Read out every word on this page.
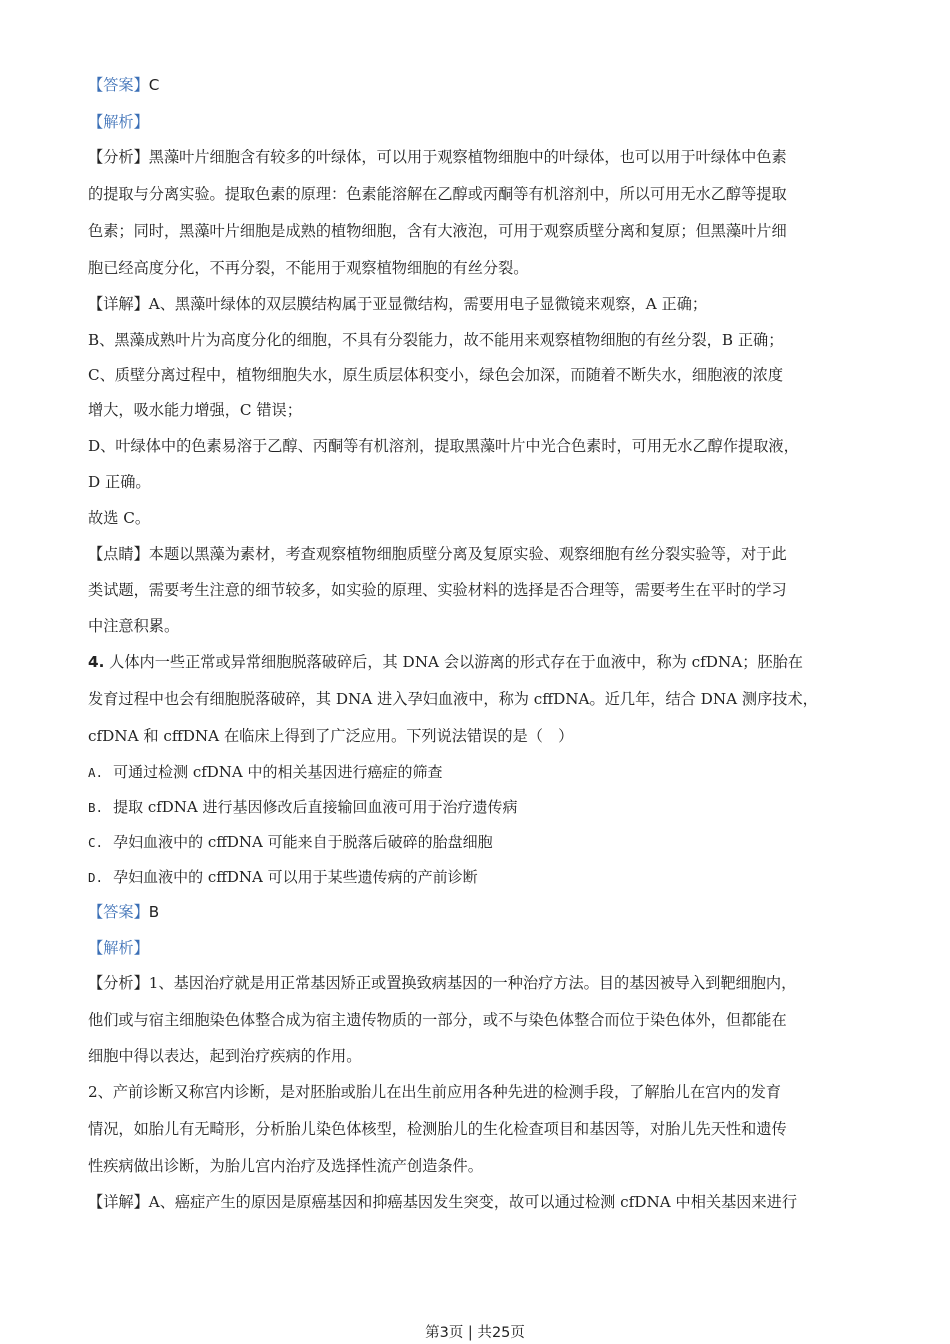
【答案】C
【解析】
【分析】黑藻叶片细胞含有较多的叶绿体，可以用于观察植物细胞中的叶绿体，也可以用于叶绿体中色素
的提取与分离实验。提取色素的原理：色素能溶解在乙醇或丙酮等有机溶剂中，所以可用无水乙醇等提取
色素；同时，黑藻叶片细胞是成熟的植物细胞，含有大液泡，可用于观察质壁分离和复原；但黑藻叶片细
胞已经高度分化，不再分裂，不能用于观察植物细胞的有丝分裂。
【详解】A、黑藻叶绿体的双层膜结构属于亚显微结构，需要用电子显微镜来观察，A 正确；
B、黑藻成熟叶片为高度分化的细胞，不具有分裂能力，故不能用来观察植物细胞的有丝分裂，B 正确；
C、质壁分离过程中，植物细胞失水，原生质层体积变小，绿色会加深，而随着不断失水，细胞液的浓度
增大，吸水能力增强，C 错误；
D、叶绿体中的色素易溶于乙醇、丙酮等有机溶剂，提取黑藻叶片中光合色素时，可用无水乙醇作提取液，
D 正确。
故选 C。
【点睛】本题以黑藻为素材，考查观察植物细胞质壁分离及复原实验、观察细胞有丝分裂实验等，对于此
类试题，需要考生注意的细节较多，如实验的原理、实验材料的选择是否合理等，需要考生在平时的学习
中注意积累。
4. 人体内一些正常或异常细胞脱落破碎后，其 DNA 会以游离的形式存在于血液中，称为 cfDNA；胚胎在
发育过程中也会有细胞脱落破碎，其 DNA 进入孕妇血液中，称为 cffDNA。近几年，结合 DNA 测序技术，
cfDNA 和 cffDNA 在临床上得到了广泛应用。下列说法错误的是（　）
A. 可通过检测 cfDNA 中的相关基因进行癌症的筛查
B. 提取 cfDNA 进行基因修改后直接输回血液可用于治疗遗传病
C. 孕妇血液中的 cffDNA 可能来自于脱落后破碎的胎盘细胞
D. 孕妇血液中的 cffDNA 可以用于某些遗传病的产前诊断
【答案】B
【解析】
【分析】1、基因治疗就是用正常基因矫正或置换致病基因的一种治疗方法。目的基因被导入到靶细胞内，
他们或与宿主细胞染色体整合成为宿主遗传物质的一部分，或不与染色体整合而位于染色体外，但都能在
细胞中得以表达，起到治疗疾病的作用。
2、产前诊断又称宫内诊断，是对胚胎或胎儿在出生前应用各种先进的检测手段，了解胎儿在宫内的发育
情况，如胎儿有无畸形，分析胎儿染色体核型，检测胎儿的生化检查项目和基因等，对胎儿先天性和遗传
性疾病做出诊断，为胎儿宫内治疗及选择性流产创造条件。
【详解】A、癌症产生的原因是原癌基因和抑癌基因发生突变，故可以通过检测 cfDNA 中相关基因来进行
第3页 | 共25页
